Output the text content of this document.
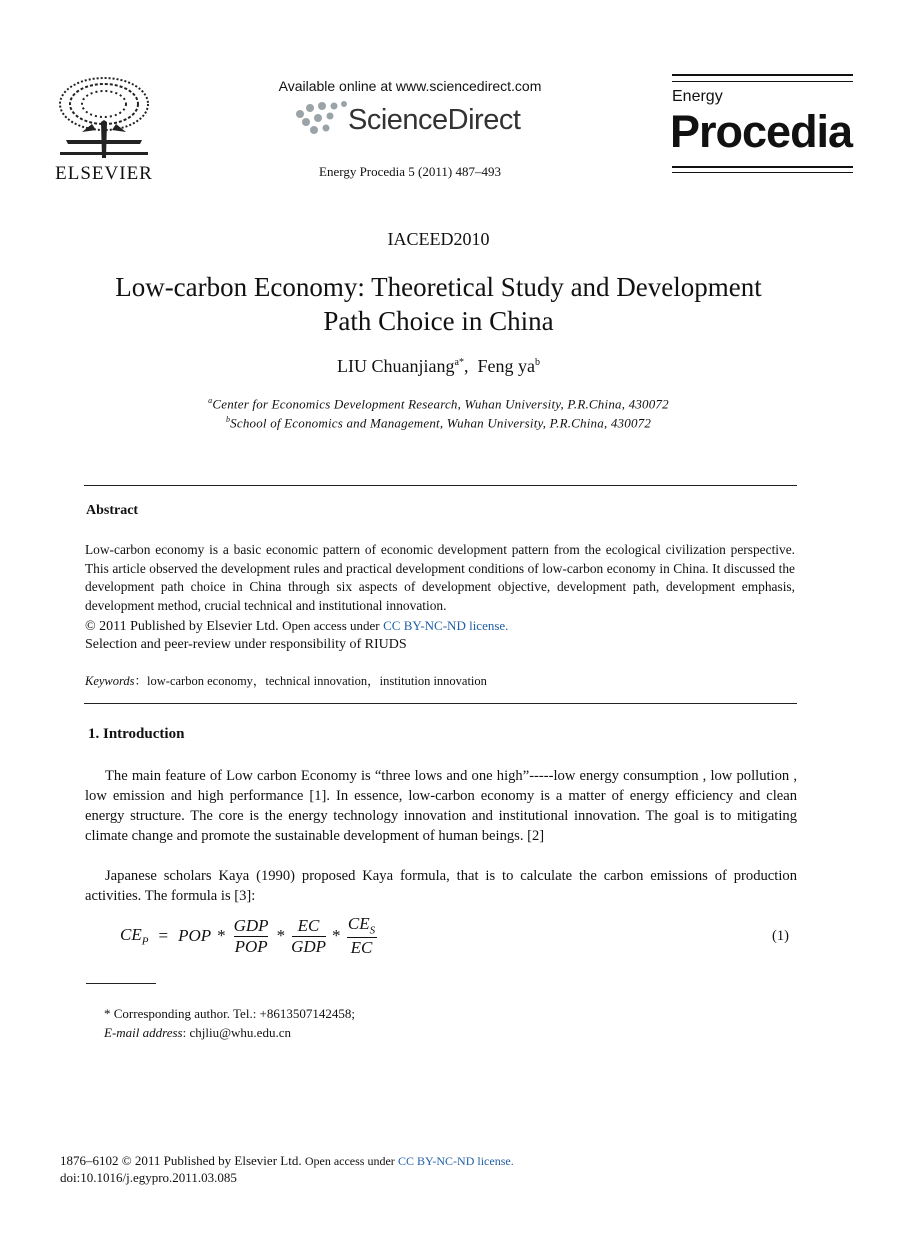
ELSEVIER
Available online at www.sciencedirect.com
ScienceDirect
Energy Procedia 5 (2011) 487–493
Energy
Procedia
IACEED2010
Low-carbon Economy: Theoretical Study and Development
Path Choice in China
LIU Chuanjiang$^{a*}$, Feng $ya^b$
$^a$Center for Economics Development Research, Wuhan University, P.R.China, 430072
$^b$School of Economics and Management, Wuhan University, P.R.China, 430072
Abstract
Low-carbon economy is a basic economic pattern of economic development pattern from the ecological civilization perspective. This article observed the development rules and practical development conditions of low-carbon economy in China. It discussed the development path choice in China through six aspects of development objective, development path, development emphasis, development method, crucial technical and institutional innovation.
© 2011 Published by Elsevier Ltd. Open access under CC BY-NC-ND license.
Selection and peer-review under responsibility of RIUDS
Keywords：low-carbon economy，technical innovation，institution innovation
1. Introduction
The main feature of Low carbon Economy is “three lows and one high”-----low energy consumption , low pollution , low emission and high performance [1]. In essence, low-carbon economy is a matter of energy efficiency and clean energy structure. The core is the energy technology innovation and institutional innovation. The goal is to mitigating climate change and promote the sustainable development of human beings. [2]
Japanese scholars Kaya (1990) proposed Kaya formula, that is to calculate the carbon emissions of production activities. The formula is [3]:
$CE_P$ = POP *
GDP
POP
*
EC
GDP
*
$CE_S$
EC
(1)
* Corresponding author. Tel.: +8613507142458;
E-mail address: chjliu@whu.edu.cn
1876–6102 © 2011 Published by Elsevier Ltd. Open access under CC BY-NC-ND license.
doi:10.1016/j.egypro.2011.03.085
